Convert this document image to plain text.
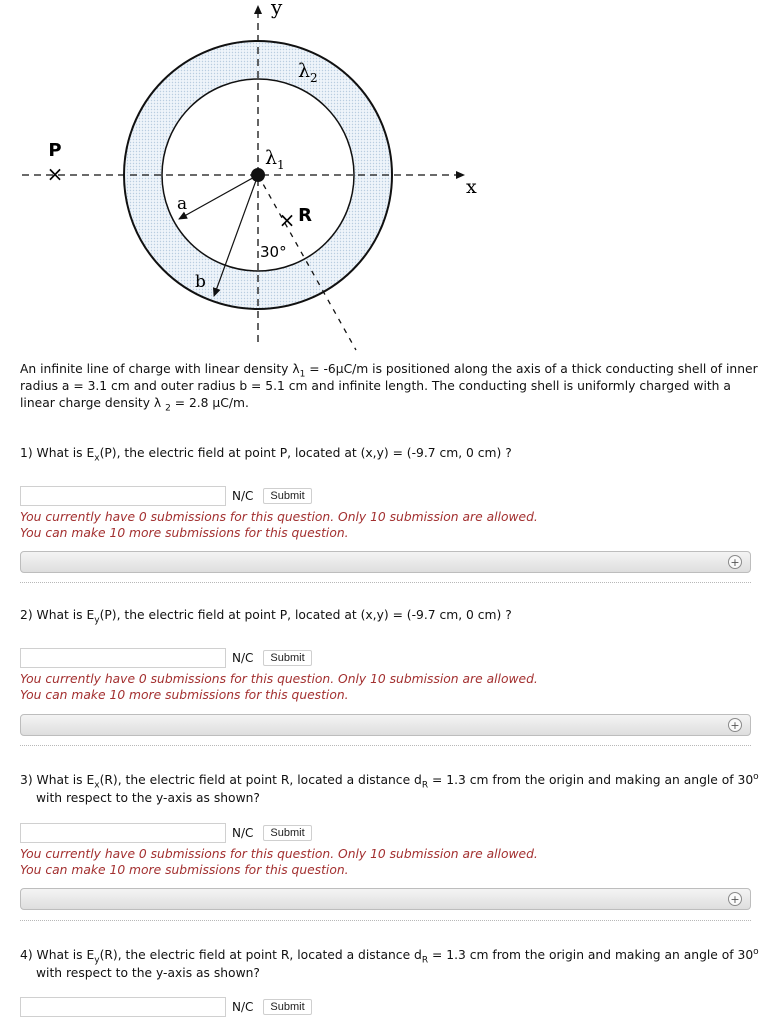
×
×
y
x
P
R
$\lambda_1$
$\lambda_2$
a
b
30°
An infinite line of charge with linear density $\lambda_1 = -6\mu C/m$ is positioned along the axis of a thick conducting shell of inner radius a = 3.1 cm and outer radius b = 5.1 cm and infinite length. The conducting shell is uniformly charged with a linear charge density λ $_2$ = 2.8 μC/m.
1) What is $E_x(P)$, the electric field at point P, located at (x,y) = (-9.7 cm, 0 cm) ?
N/C	Submit
You currently have 0 submissions for this question. Only 10 submission are allowed.
You can make 10 more submissions for this question.
+
2) What is $E_y(P)$, the electric field at point P, located at (x,y) = (-9.7 cm, 0 cm) ?
N/C	Submit
You currently have 0 submissions for this question. Only 10 submission are allowed.
You can make 10 more submissions for this question.
+
3) What is $E_x(R)$, the electric field at point R, located a distance $d_R = 1.3$ cm from the origin and making an angle of 30$^o$
with respect to the y-axis as shown?
N/C	Submit
You currently have 0 submissions for this question. Only 10 submission are allowed.
You can make 10 more submissions for this question.
+
4) What is $E_y(R)$, the electric field at point R, located a distance $d_R = 1.3$ cm from the origin and making an angle of 30$^o$
with respect to the y-axis as shown?
N/C	Submit
